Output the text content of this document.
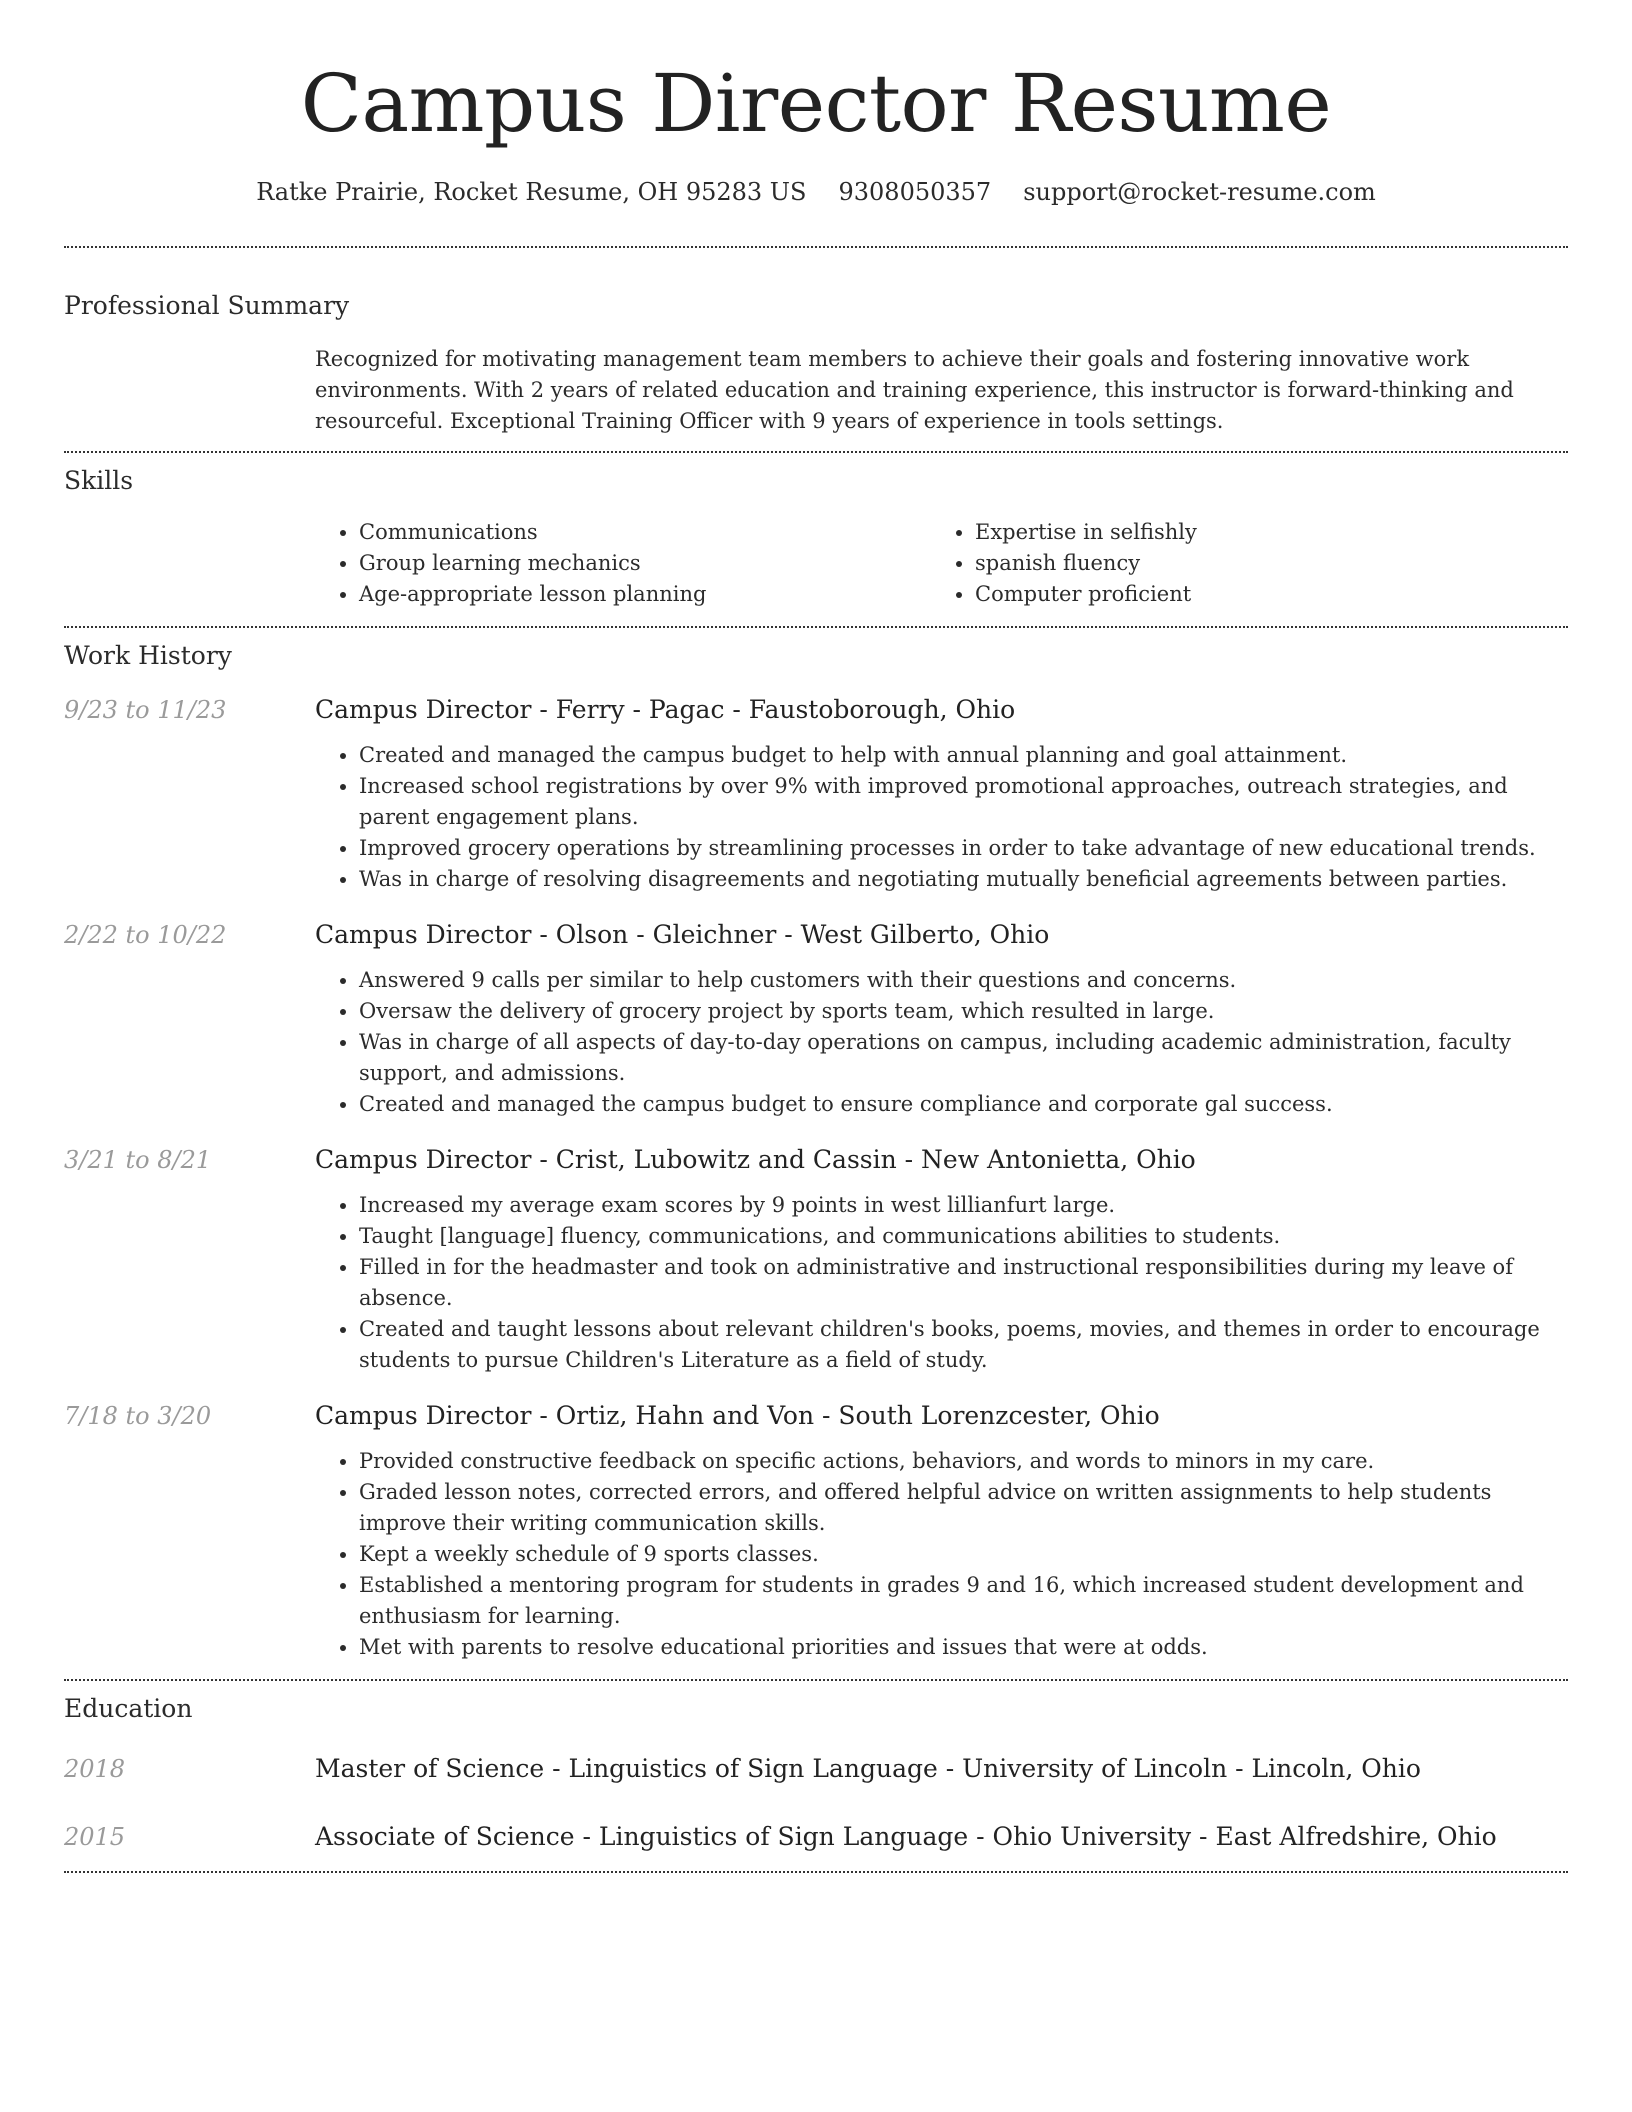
Campus Director Resume
Ratke Prairie, Rocket Resume, OH 95283 US 9308050357 support@rocket-resume.com
Professional Summary

Recognized for motivating management team members to achieve their goals and fostering innovative work environments. With 2 years of related education and training experience, this instructor is forward-thinking and resourceful. Exceptional Training Officer with 9 years of experience in tools settings.

Skills
• Communications
• Group learning mechanics
• Age-appropriate lesson planning
• Expertise in selfishly
• spanish fluency
• Computer proficient
Work History
9/23 to 11/23	Campus Director - Ferry - Pagac - Faustoborough, Ohio
• Created and managed the campus budget to help with annual planning and goal attainment.
• Increased school registrations by over 9% with improved promotional approaches, outreach strategies, and parent engagement plans.
• Improved grocery operations by streamlining processes in order to take advantage of new educational trends.
• Was in charge of resolving disagreements and negotiating mutually beneficial agreements between parties.
2/22 to 10/22	Campus Director - Olson - Gleichner - West Gilberto, Ohio
• Answered 9 calls per similar to help customers with their questions and concerns.
• Oversaw the delivery of grocery project by sports team, which resulted in large.
• Was in charge of all aspects of day-to-day operations on campus, including academic administration, faculty support, and admissions.
• Created and managed the campus budget to ensure compliance and corporate gal success.
3/21 to 8/21	Campus Director - Crist, Lubowitz and Cassin - New Antonietta, Ohio
• Increased my average exam scores by 9 points in west lillianfurt large.
• Taught [language] fluency, communications, and communications abilities to students.
• Filled in for the headmaster and took on administrative and instructional responsibilities during my leave of absence.
• Created and taught lessons about relevant children's books, poems, movies, and themes in order to encourage students to pursue Children's Literature as a field of study.
7/18 to 3/20	Campus Director - Ortiz, Hahn and Von - South Lorenzcester, Ohio
• Provided constructive feedback on specific actions, behaviors, and words to minors in my care.
• Graded lesson notes, corrected errors, and offered helpful advice on written assignments to help students improve their writing communication skills.
• Kept a weekly schedule of 9 sports classes.
• Established a mentoring program for students in grades 9 and 16, which increased student development and enthusiasm for learning.
• Met with parents to resolve educational priorities and issues that were at odds.
Education
2018	Master of Science - Linguistics of Sign Language - University of Lincoln - Lincoln, Ohio
2015	Associate of Science - Linguistics of Sign Language - Ohio University - East Alfredshire, Ohio
